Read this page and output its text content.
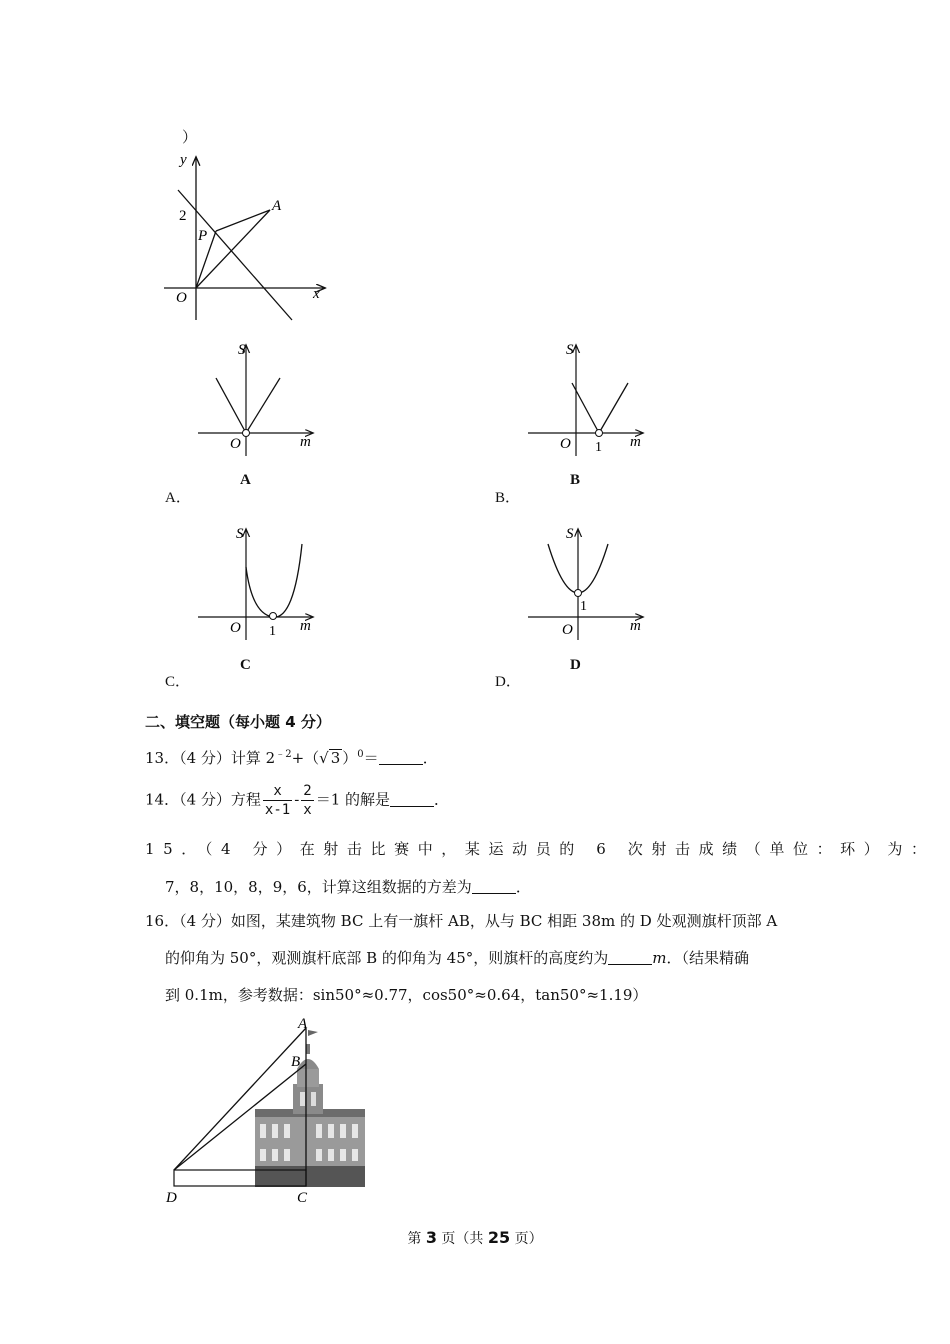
）
y
x
O
2
P
A
S
m
O
A
A．
S
m
O 1
B
B．
S
m
O 1
C
C．
S
m
O
1
D
D．
二、填空题（每小题 4 分）
13．（4 分）计算 $2^{﹣2}+(√$ 3 ）$^0$＝	．
14．（4 分）方程 $\frac{x}{x-1} - \frac{2}{x} =1$ 的解是	．
15．（4 分）在射击比赛中，某运动员的 6 次射击成绩（单位：环）为：
7，8，10，8，9，6，计算这组数据的方差为	．
16．（4 分）如图，某建筑物 BC 上有一旗杆 AB，从与 BC 相距 38m 的 D 处观测旗杆顶部 A
的仰角为 50°，观测旗杆底部 B 的仰角为 45°，则旗杆的高度约为	m．（结果精确
到 0.1m，参考数据：sin50°≈0.77，cos50°≈0.64，tan50°≈1.19）
A
B
C
D
第 3 页（共 25 页）
